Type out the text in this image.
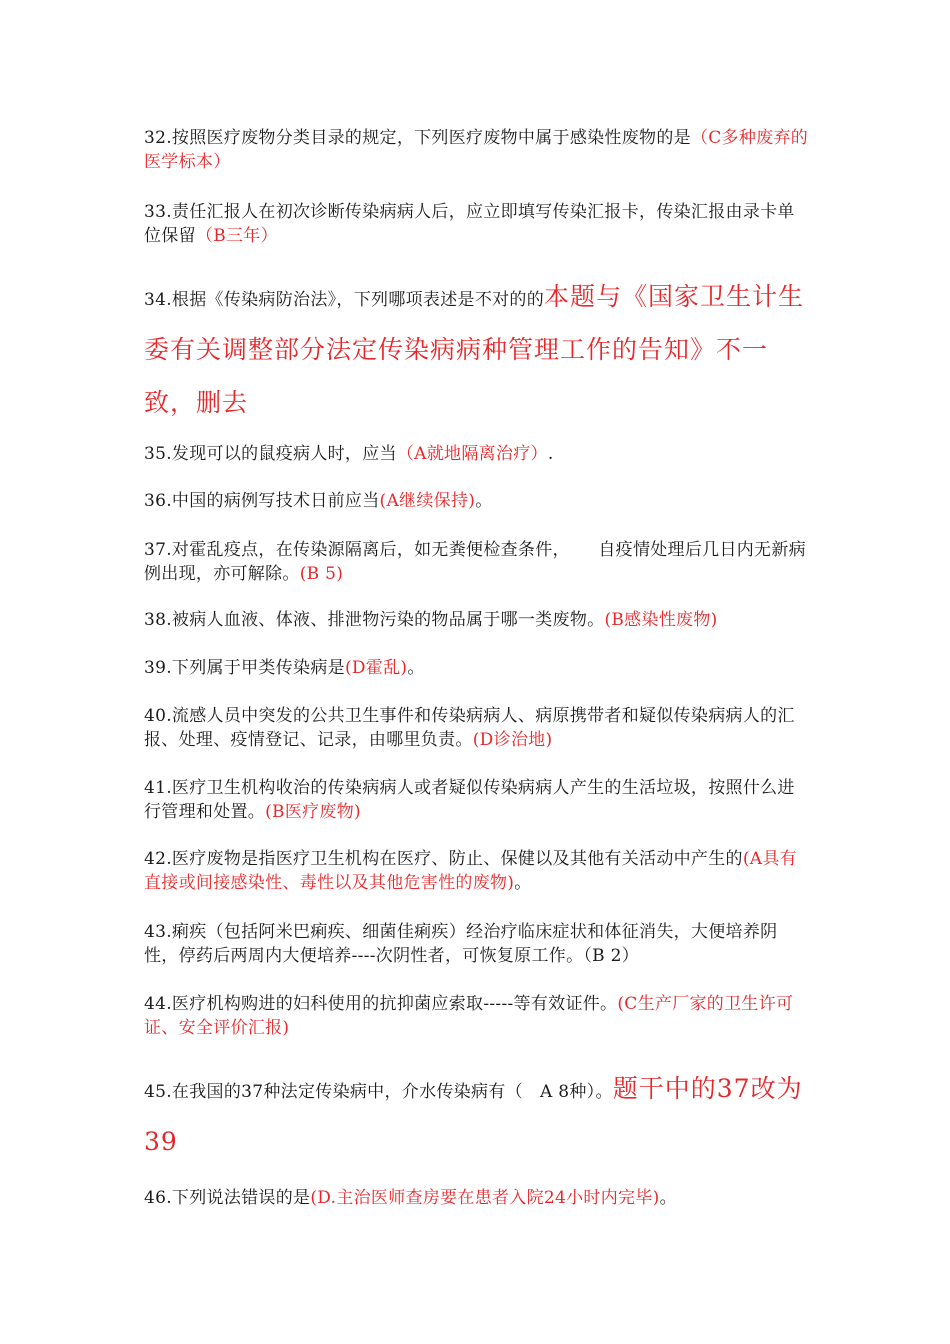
32.按照医疗废物分类目录的规定，下列医疗废物中属于感染性废物的是（C多种废弃的医学标本）
33.责任汇报人在初次诊断传染病病人后，应立即填写传染汇报卡，传染汇报由录卡单位保留（B三年）
34.根据《传染病防治法》，下列哪项表述是不对的的本题与《国家卫生计生委有关调整部分法定传染病病种管理工作的告知》不一致，删去
35.发现可以的鼠疫病人时，应当（A就地隔离治疗）.
36.中国的病例写技术日前应当(A继续保持)。
37.对霍乱疫点，在传染源隔离后，如无粪便检查条件，     自疫情处理后几日内无新病例出现，亦可解除。(B 5)
38.被病人血液、体液、排泄物污染的物品属于哪一类废物。(B感染性废物)
39.下列属于甲类传染病是(D霍乱)。
40.流感人员中突发的公共卫生事件和传染病病人、病原携带者和疑似传染病病人的汇报、处理、疫情登记、记录，由哪里负责。(D诊治地)
41.医疗卫生机构收治的传染病病人或者疑似传染病病人产生的生活垃圾，按照什么进行管理和处置。(B医疗废物)
42.医疗废物是指医疗卫生机构在医疗、防止、保健以及其他有关活动中产生的(A具有直接或间接感染性、毒性以及其他危害性的废物)。
43.痢疾（包括阿米巴痢疾、细菌佳痢疾）经治疗临床症状和体征消失，大便培养阴性，停药后两周内大便培养----次阴性者，可恢复原工作。（B 2）
44.医疗机构购进的妇科使用的抗抑菌应索取-----等有效证件。(C生产厂家的卫生许可证、安全评价汇报)
45.在我国的37种法定传染病中，介水传染病有（   A 8种）。题干中的37改为39
46.下列说法错误的是(D.主治医师查房要在患者入院24小时内完毕)。
